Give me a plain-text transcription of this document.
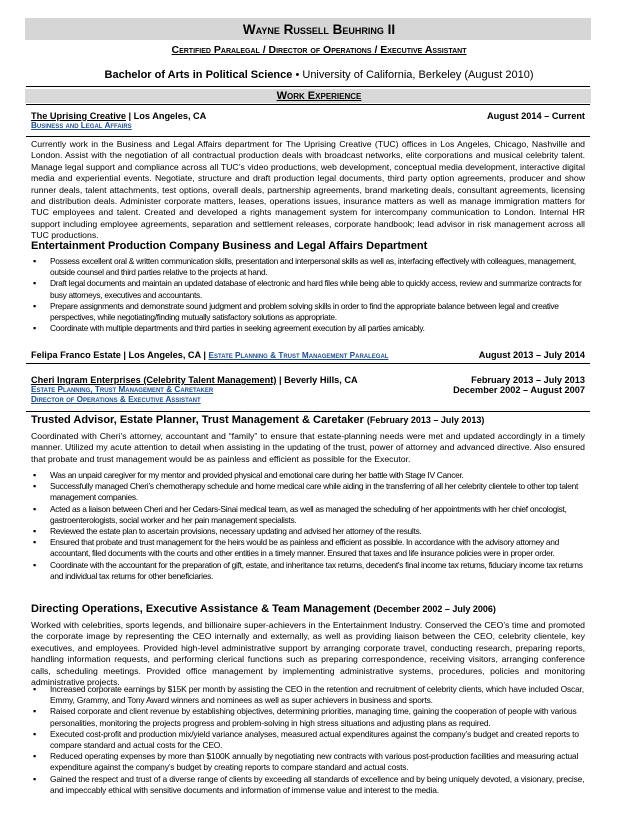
Wayne Russell Beuhring II
Certified Paralegal / Director of Operations / Executive Assistant
Bachelor of Arts in Political Science • University of California, Berkeley (August 2010)
Work Experience
The Uprising Creative | Los Angeles, CA	August 2014 – Current
Business and Legal Affairs
Currently work in the Business and Legal Affairs department for The Uprising Creative (TUC) offices in Los Angeles, Chicago, Nashville and London. Assist with the negotiation of all contractual production deals with broadcast networks, elite corporations and musical celebrity talent. Manage legal support and compliance across all TUC’s video productions, web development, conceptual media development, interactive digital media and experiential events. Negotiate, structure and draft production legal documents, third party option agreements, producer and show runner deals, talent attachments, test options, overall deals, partnership agreements, brand marketing deals, consultant agreements, licensing and distribution deals. Administer corporate matters, leases, operations issues, insurance matters as well as manage immigration matters for TUC employees and talent. Created and developed a rights management system for intercompany communication to London. Internal HR support including employee agreements, separation and settlement releases, corporate handbook; lead advisor in risk management across all TUC productions.
Entertainment Production Company Business and Legal Affairs Department
▪ Possess excellent oral & written communication skills, presentation and interpersonal skills as well as, interfacing effectively with colleagues, management, outside counsel and third parties relative to the projects at hand.
▪ Draft legal documents and maintain an updated database of electronic and hard files while being able to quickly access, review and summarize contracts for busy attorneys, executives and accountants.
▪ Prepare assignments and demonstrate sound judgment and problem solving skills in order to find the appropriate balance between legal and creative perspectives, while negotiating/finding mutually satisfactory solutions as appropriate.
▪ Coordinate with multiple departments and third parties in seeking agreement execution by all parties amicably.
Felipa Franco Estate | Los Angeles, CA | Estate Planning & Trust Management Paralegal	August 2013 – July 2014
Cheri Ingram Enterprises (Celebrity Talent Management) | Beverly Hills, CA	February 2013 – July 2013
Estate Planning, Trust Management & Caretaker	December 2002 – August 2007
Director of Operations & Executive Assistant
Trusted Advisor, Estate Planner, Trust Management & Caretaker (February 2013 – July 2013)
Coordinated with Cheri’s attorney, accountant and “family” to ensure that estate-planning needs were met and updated accordingly in a timely manner. Utilized my acute attention to detail when assisting in the updating of the trust, power of attorney and advanced directive. Also ensured that probate and trust management would be as painless and efficient as possible for the Executor.
▪ Was an unpaid caregiver for my mentor and provided physical and emotional care during her battle with Stage IV Cancer.
▪ Successfully managed Cheri’s chemotherapy schedule and home medical care while aiding in the transferring of all her celebrity clientele to other top talent management companies.
▪ Acted as a liaison between Cheri and her Cedars-Sinai medical team, as well as managed the scheduling of her appointments with her chief oncologist, gastroenterologists, social worker and her pain management specialists.
▪ Reviewed the estate plan to ascertain provisions, necessary updating and advised her attorney of the results.
▪ Ensured that probate and trust management for the heirs would be as painless and efficient as possible. In accordance with the advisory attorney and accountant, filed documents with the courts and other entities in a timely manner. Ensured that taxes and life insurance policies were in proper order.
▪ Coordinate with the accountant for the preparation of gift, estate, and inheritance tax returns, decedent's final income tax returns, fiduciary income tax returns and individual tax returns for other beneficiaries.
Directing Operations, Executive Assistance & Team Management (December 2002 – July 2006)
Worked with celebrities, sports legends, and billionaire super-achievers in the Entertainment Industry. Conserved the CEO’s time and promoted the corporate image by representing the CEO internally and externally, as well as providing liaison between the CEO, celebrity clientele, key executives, and employees. Provided high-level administrative support by arranging corporate travel, conducting research, preparing reports, handling information requests, and performing clerical functions such as preparing correspondence, receiving visitors, arranging conference calls, scheduling meetings. Provided office management by implementing administrative systems, procedures, policies and monitoring administrative projects.
▪ Increased corporate earnings by $15K per month by assisting the CEO in the retention and recruitment of celebrity clients, which have included Oscar, Emmy, Grammy, and Tony Award winners and nominees as well as super achievers in business and sports.
▪ Raised corporate and client revenue by establishing objectives, determining priorities, managing time, gaining the cooperation of people with various personalities, monitoring the projects progress and problem-solving in high stress situations and adjusting plans as required.
▪ Executed cost-profit and production mix/yield variance analyses, measured actual expenditures against the company’s budget and created reports to compare standard and actual costs for the CEO.
▪ Reduced operating expenses by more than $100K annually by negotiating new contracts with various post-production facilities and measuring actual expenditure against the company’s budget by creating reports to compare standard and actual costs.
▪ Gained the respect and trust of a diverse range of clients by exceeding all standards of excellence and by being uniquely devoted, a visionary, precise, and impeccably ethical with sensitive documents and information of immense value and interest to the media.
